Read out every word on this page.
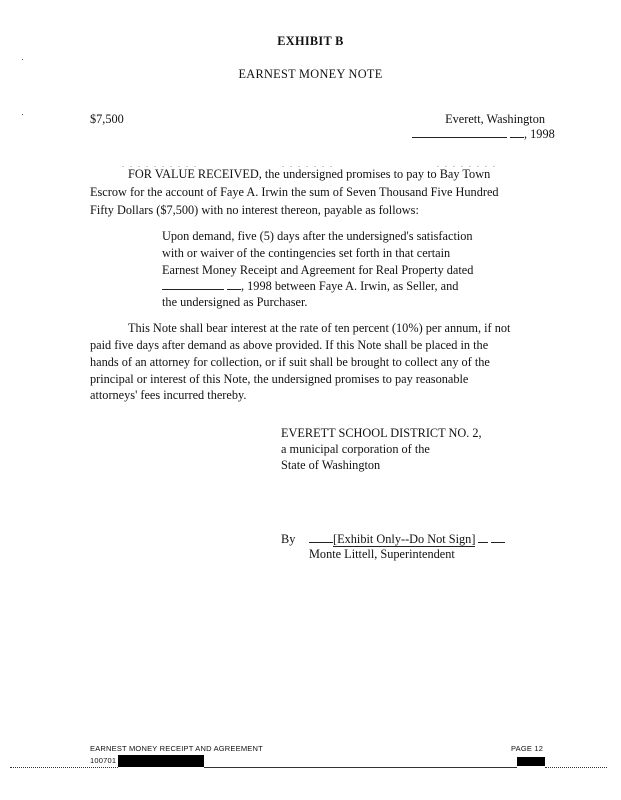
EXHIBIT B
EARNEST MONEY NOTE
$7,500	Everett, Washington
, 1998
. . . . . . . . . .	. . . . . . .	. . . . . . . .
FOR VALUE RECEIVED, the undersigned promises to pay to Bay Town
Escrow for the account of Faye A. Irwin the sum of Seven Thousand Five Hundred
Fifty Dollars ($7,500) with no interest thereon, payable as follows:
Upon demand, five (5) days after the undersigned's satisfaction
with or waiver of the contingencies set forth in that certain
Earnest Money Receipt and Agreement for Real Property dated
, 1998 between Faye A. Irwin, as Seller, and
the undersigned as Purchaser.
This Note shall bear interest at the rate of ten percent (10%) per annum, if not
paid five days after demand as above provided. If this Note shall be placed in the
hands of an attorney for collection, or if suit shall be brought to collect any of the
principal or interest of this Note, the undersigned promises to pay reasonable
attorneys' fees incurred thereby.
EVERETT SCHOOL DISTRICT NO. 2,
a municipal corporation of the
State of Washington
By	[Exhibit Only--Do Not Sign]
Monte Littell, Superintendent
EARNEST MONEY RECEIPT AND AGREEMENT	PAGE 12
100701
